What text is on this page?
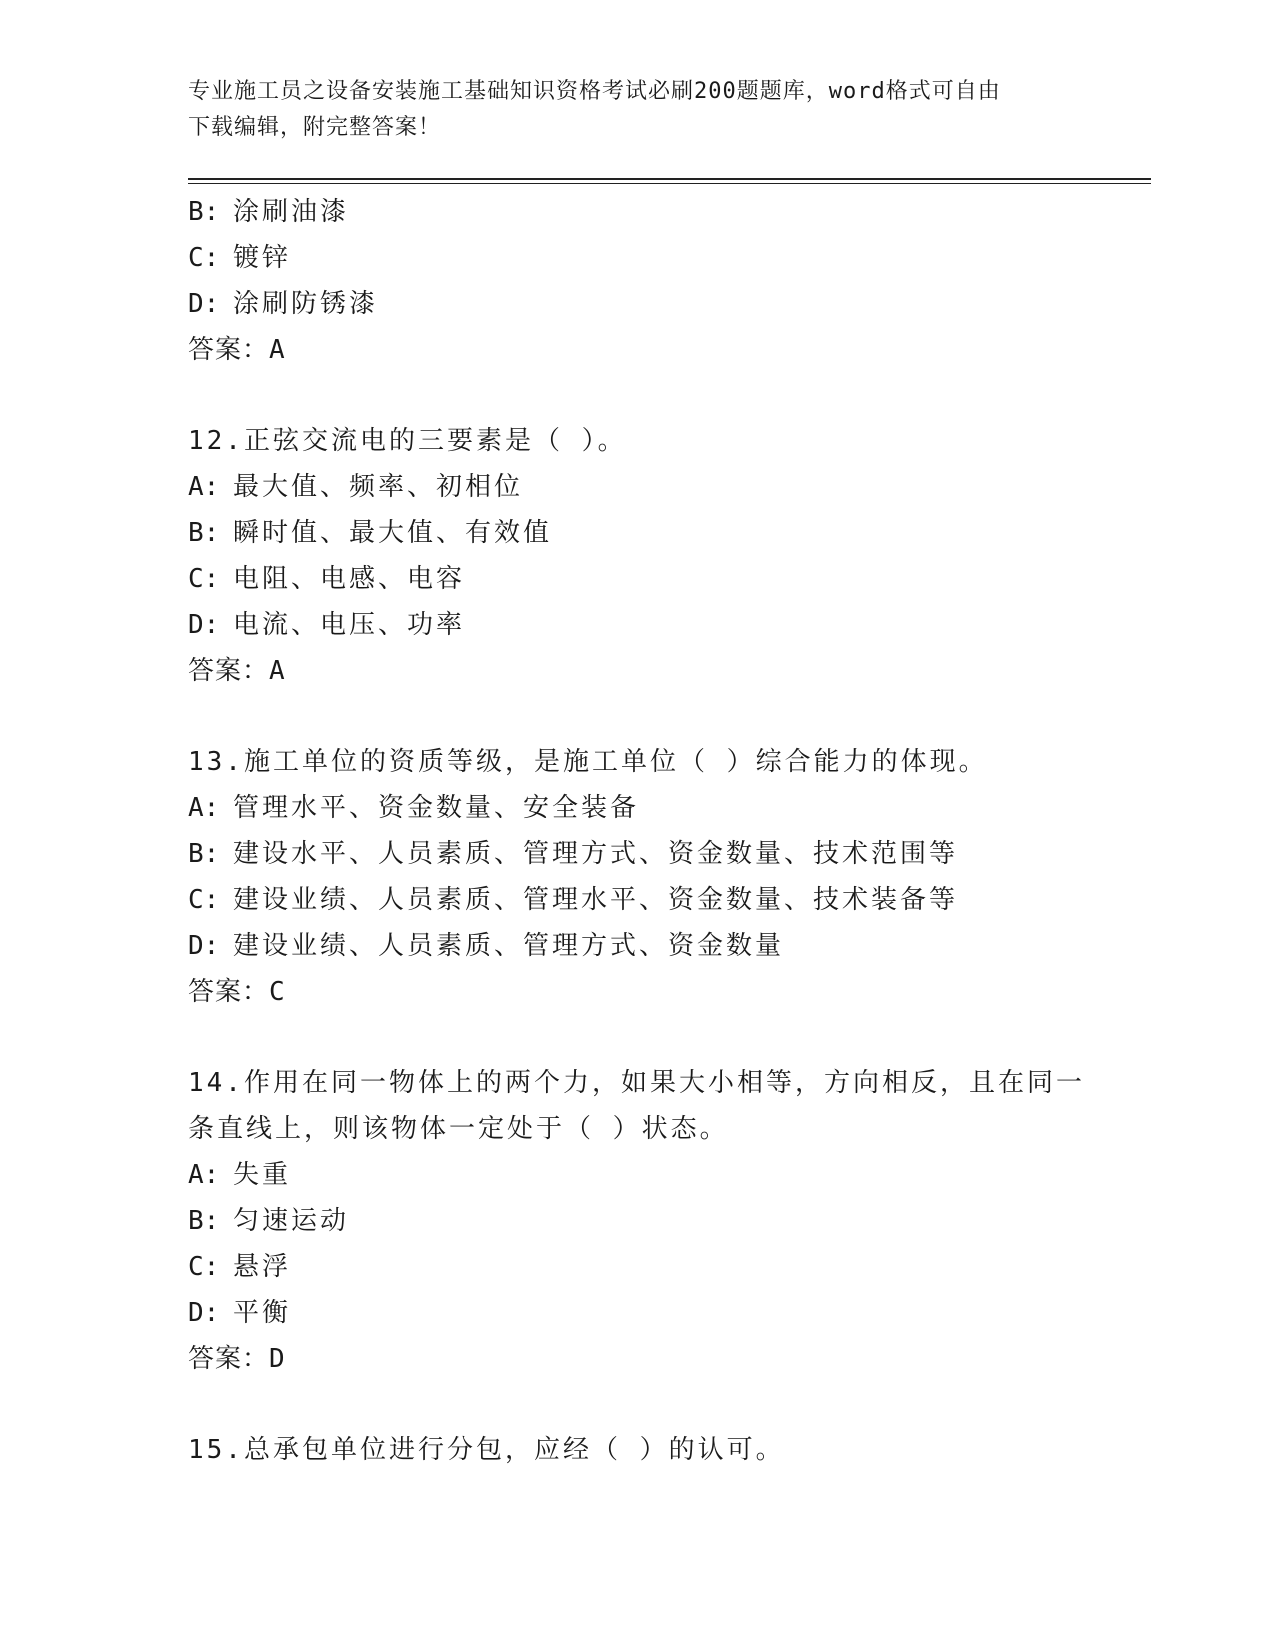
专业施工员之设备安装施工基础知识资格考试必刷200题题库，word格式可自由
下载编辑，附完整答案！
B: 涂刷油漆
C: 镀锌
D: 涂刷防锈漆
答案：A
12.正弦交流电的三要素是（ ）。
A: 最大值、频率、初相位
B: 瞬时值、最大值、有效值
C: 电阻、电感、电容
D: 电流、电压、功率
答案：A
13.施工单位的资质等级，是施工单位（ ）综合能力的体现。
A: 管理水平、资金数量、安全装备
B: 建设水平、人员素质、管理方式、资金数量、技术范围等
C: 建设业绩、人员素质、管理水平、资金数量、技术装备等
D: 建设业绩、人员素质、管理方式、资金数量
答案：C
14.作用在同一物体上的两个力，如果大小相等，方向相反，且在同一
条直线上，则该物体一定处于（ ）状态。
A: 失重
B: 匀速运动
C: 悬浮
D: 平衡
答案：D
15.总承包单位进行分包，应经（ ）的认可。
